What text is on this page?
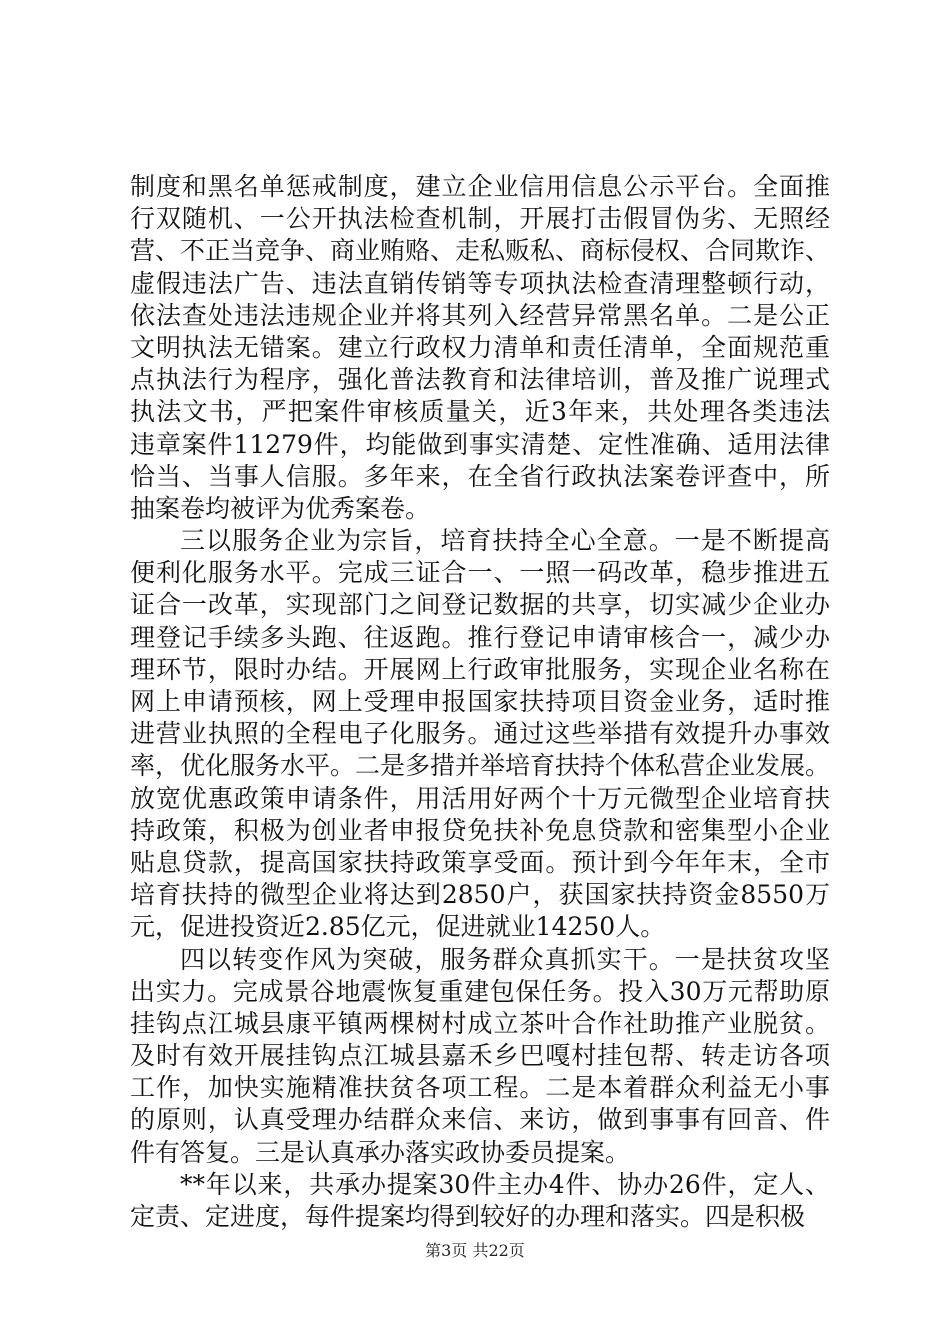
制度和黑名单惩戒制度，建立企业信用信息公示平台。全面推
行双随机、一公开执法检查机制，开展打击假冒伪劣、无照经
营、不正当竞争、商业贿赂、走私贩私、商标侵权、合同欺诈、
虚假违法广告、违法直销传销等专项执法检查清理整顿行动，
依法查处违法违规企业并将其列入经营异常黑名单。二是公正
文明执法无错案。建立行政权力清单和责任清单，全面规范重
点执法行为程序，强化普法教育和法律培训，普及推广说理式
执法文书，严把案件审核质量关，近3年来，共处理各类违法
违章案件11279件，均能做到事实清楚、定性准确、适用法律
恰当、当事人信服。多年来，在全省行政执法案卷评查中，所
抽案卷均被评为优秀案卷。
三以服务企业为宗旨，培育扶持全心全意。一是不断提高
便利化服务水平。完成三证合一、一照一码改革，稳步推进五
证合一改革，实现部门之间登记数据的共享，切实减少企业办
理登记手续多头跑、往返跑。推行登记申请审核合一，减少办
理环节，限时办结。开展网上行政审批服务，实现企业名称在
网上申请预核，网上受理申报国家扶持项目资金业务，适时推
进营业执照的全程电子化服务。通过这些举措有效提升办事效
率，优化服务水平。二是多措并举培育扶持个体私营企业发展。
放宽优惠政策申请条件，用活用好两个十万元微型企业培育扶
持政策，积极为创业者申报贷免扶补免息贷款和密集型小企业
贴息贷款，提高国家扶持政策享受面。预计到今年年末，全市
培育扶持的微型企业将达到2850户，获国家扶持资金8550万
元，促进投资近2.85亿元，促进就业14250人。
四以转变作风为突破，服务群众真抓实干。一是扶贫攻坚
出实力。完成景谷地震恢复重建包保任务。投入30万元帮助原
挂钩点江城县康平镇两棵树村成立茶叶合作社助推产业脱贫。
及时有效开展挂钩点江城县嘉禾乡巴嘎村挂包帮、转走访各项
工作，加快实施精准扶贫各项工程。二是本着群众利益无小事
的原则，认真受理办结群众来信、来访，做到事事有回音、件
件有答复。三是认真承办落实政协委员提案。
**年以来，共承办提案30件主办4件、协办26件，定人、
定责、定进度，每件提案均得到较好的办理和落实。四是积极
第3页 共22页
